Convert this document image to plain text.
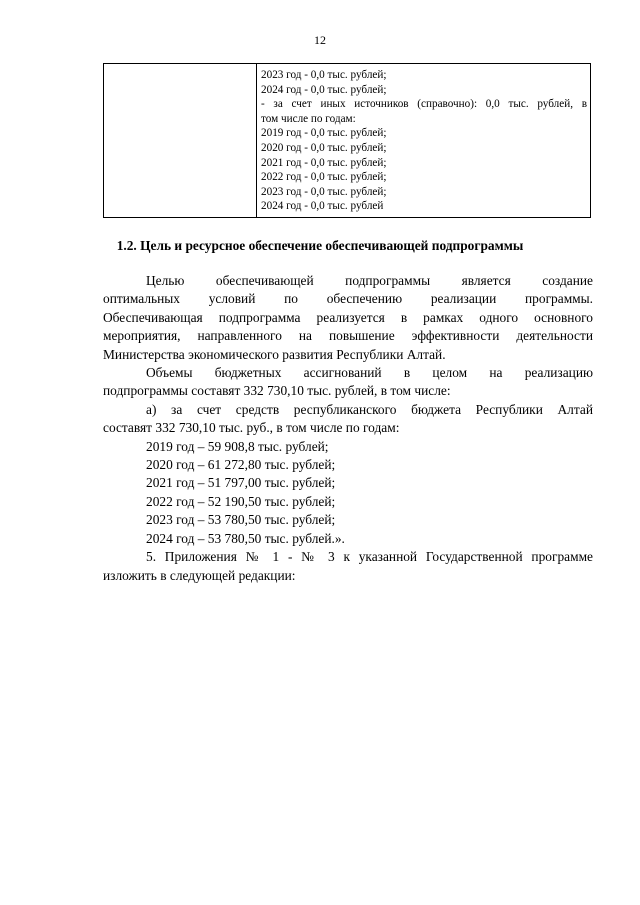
12
2023 год - 0,0 тыс. рублей;
2024 год - 0,0 тыс. рублей;
- за счет иных источников (справочно): 0,0 тыс. рублей, в
том числе по годам:
2019 год - 0,0 тыс. рублей;
2020 год - 0,0 тыс. рублей;
2021 год - 0,0 тыс. рублей;
2022 год - 0,0 тыс. рублей;
2023 год - 0,0 тыс. рублей;
2024 год - 0,0 тыс. рублей
1.2. Цель и ресурсное обеспечение обеспечивающей подпрограммы
Целью обеспечивающей подпрограммы является создание
оптимальных условий по обеспечению реализации программы.
Обеспечивающая подпрограмма реализуется в рамках одного основного
мероприятия, направленного на повышение эффективности деятельности
Министерства экономического развития Республики Алтай.
Объемы бюджетных ассигнований в целом на реализацию
подпрограммы составят 332 730,10 тыс. рублей, в том числе:
а) за счет средств республиканского бюджета Республики Алтай
составят 332 730,10 тыс. руб., в том числе по годам:
2019 год – 59 908,8 тыс. рублей;
2020 год – 61 272,80 тыс. рублей;
2021 год – 51 797,00 тыс. рублей;
2022 год – 52 190,50 тыс. рублей;
2023 год – 53 780,50 тыс. рублей;
2024 год – 53 780,50 тыс. рублей.».
5. Приложения № 1 - № 3 к указанной Государственной программе
изложить в следующей редакции:
